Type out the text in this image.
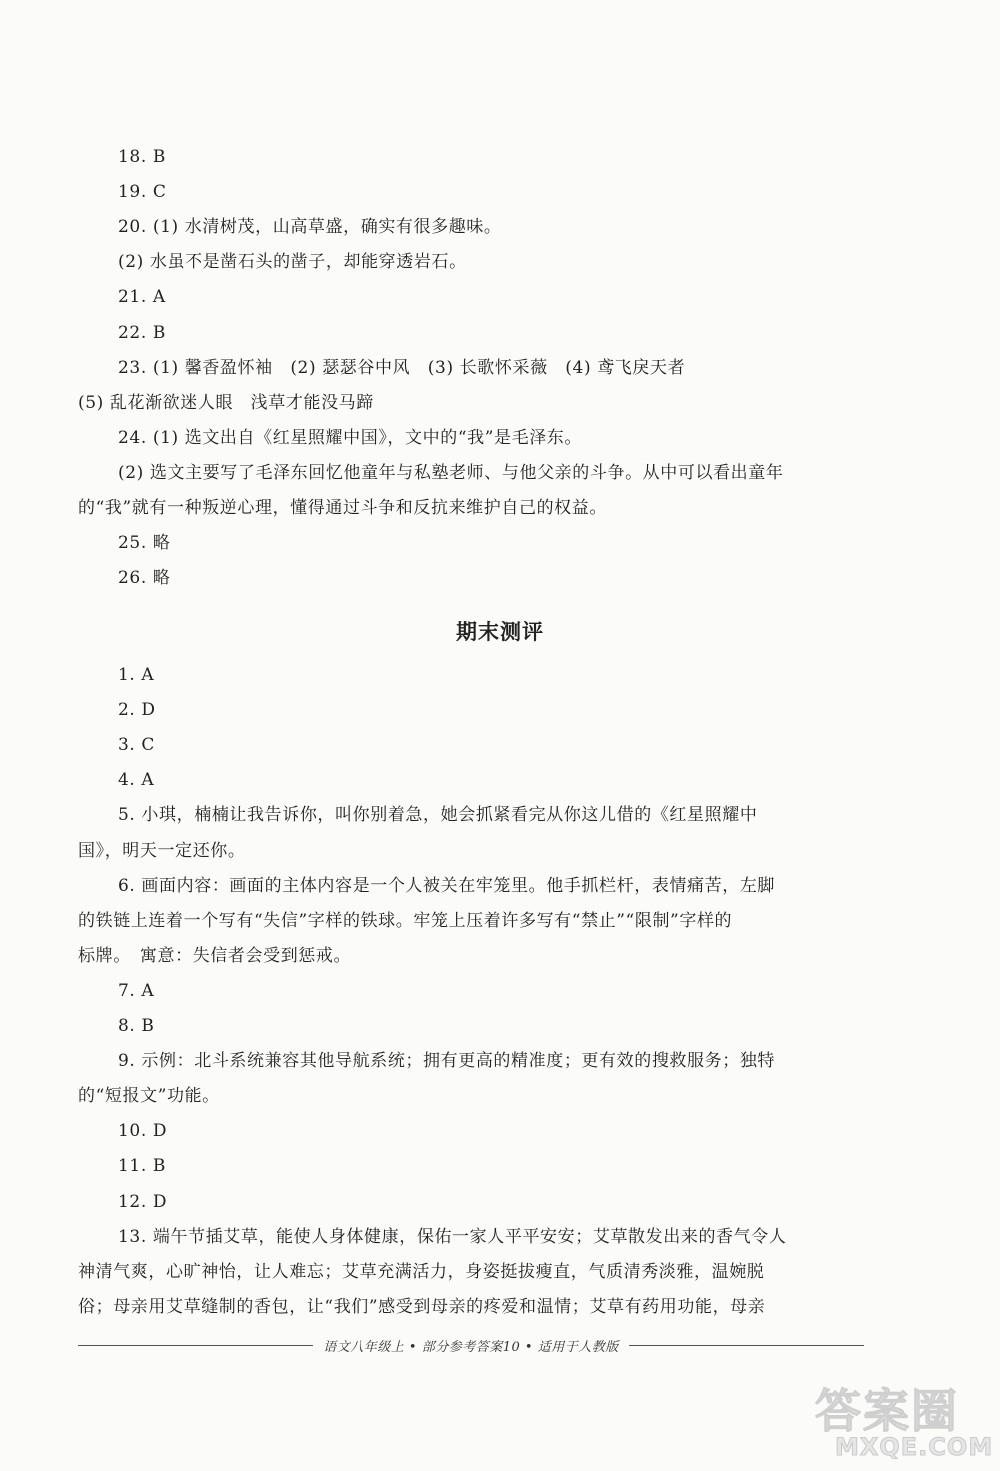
18. B
19. C
20. (1) 水清树茂，山高草盛，确实有很多趣味。
(2) 水虽不是凿石头的凿子，却能穿透岩石。
21. A
22. B
23. (1) 馨香盈怀袖　(2) 瑟瑟谷中风　(3) 长歌怀采薇　(4) 鸢飞戾天者
(5) 乱花渐欲迷人眼　浅草才能没马蹄
24. (1) 选文出自《红星照耀中国》，文中的“我”是毛泽东。
(2) 选文主要写了毛泽东回忆他童年与私塾老师、与他父亲的斗争。从中可以看出童年
的“我”就有一种叛逆心理，懂得通过斗争和反抗来维护自己的权益。
25. 略
26. 略
期末测评
1. A
2. D
3. C
4. A
5. 小琪，楠楠让我告诉你，叫你别着急，她会抓紧看完从你这儿借的《红星照耀中
国》，明天一定还你。
6. 画面内容：画面的主体内容是一个人被关在牢笼里。他手抓栏杆，表情痛苦，左脚
的铁链上连着一个写有“失信”字样的铁球。牢笼上压着许多写有“禁止”“限制”字样的
标牌。　寓意：失信者会受到惩戒。
7. A
8. B
9. 示例：北斗系统兼容其他导航系统；拥有更高的精准度；更有效的搜救服务；独特
的“短报文”功能。
10. D
11. B
12. D
13. 端午节插艾草，能使人身体健康，保佑一家人平平安安；艾草散发出来的香气令人
神清气爽，心旷神怡，让人难忘；艾草充满活力，身姿挺拔瘦直，气质清秀淡雅，温婉脱
俗；母亲用艾草缝制的香包，让“我们”感受到母亲的疼爱和温情；艾草有药用功能，母亲
语文八年级上 • 部分参考答案10 • 适用于人教版
答案圈
MXQE.COM
